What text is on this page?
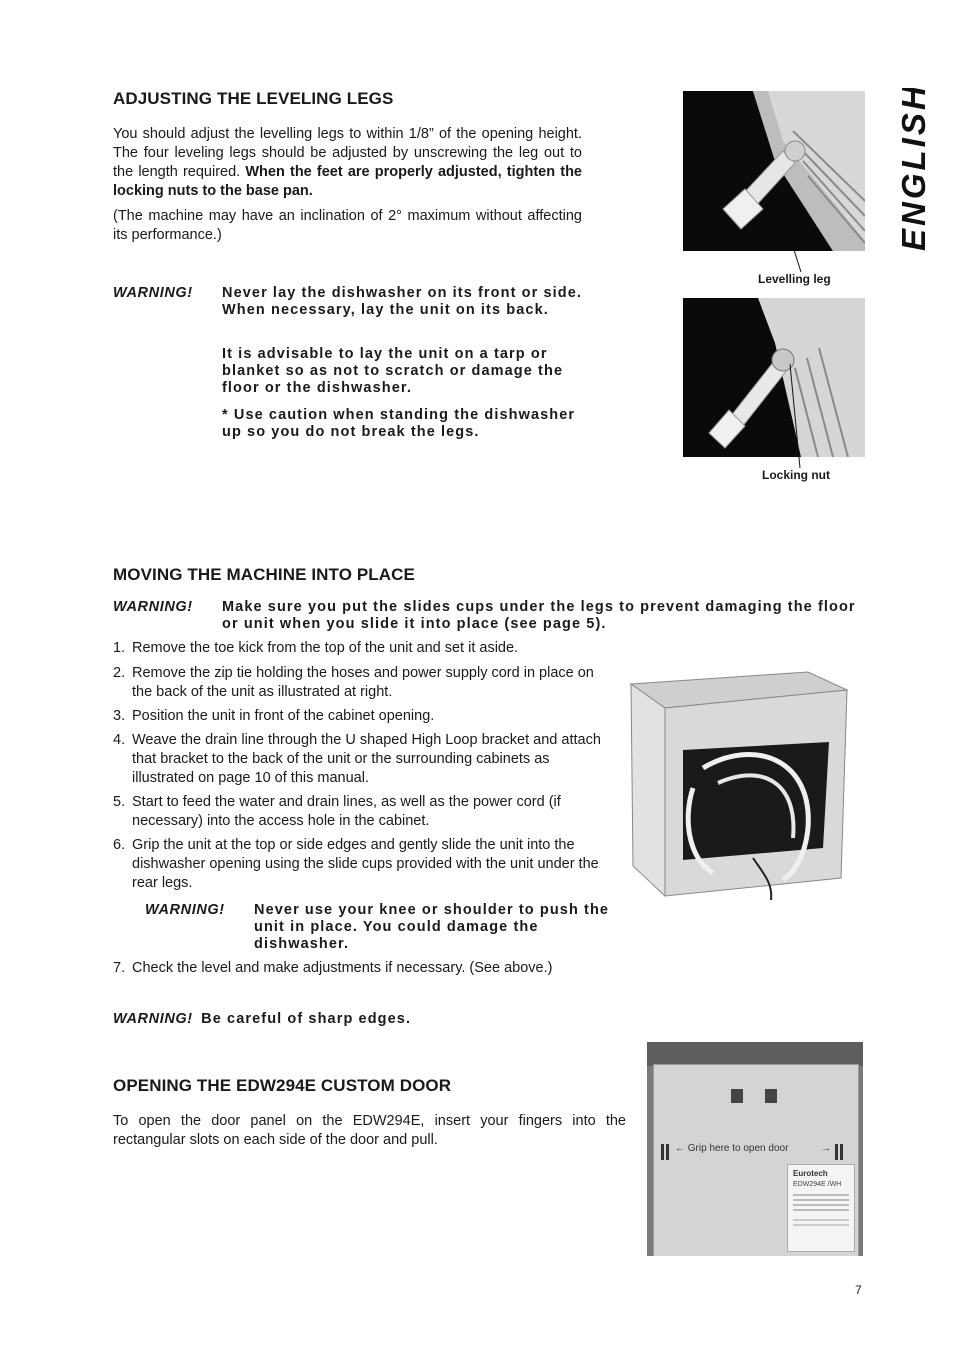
ENGLISH
ADJUSTING THE LEVELING LEGS
You should adjust the levelling legs to within 1/8” of the opening height. The four leveling legs should be adjusted by unscrewing the leg out to the length required. When the feet are properly adjusted, tighten the locking nuts to the base pan.
(The machine may have an inclination of 2° maximum without affecting its performance.)
WARNING! Never lay the dishwasher on its front or side. When necessary, lay the unit on its back.
It is advisable to lay the unit on a tarp or blanket so as not to scratch or damage the floor or the dishwasher.
* Use caution when standing the dishwasher up so you do not break the legs.
Levelling leg
Locking nut
MOVING THE MACHINE INTO PLACE
WARNING! Make sure you put the slides cups under the legs to prevent damaging the floor or unit when you slide it into place (see page 5).
1. Remove the toe kick from the top of the unit and set it aside.
2. Remove the zip tie holding the hoses and power supply cord in place on the back of the unit as illustrated at right.
3. Position the unit in front of the cabinet opening.
4. Weave the drain line through the U shaped High Loop bracket and attach that bracket to the back of the unit or the surrounding cabinets as illustrated on page 10 of this manual.
5. Start to feed the water and drain lines, as well as the power cord (if necessary) into the access hole in the cabinet.
6. Grip the unit at the top or side edges and gently slide the unit into the dishwasher opening using the slide cups provided with the unit under the rear legs.
WARNING! Never use your knee or shoulder to push the unit in place. You could damage the dishwasher.
7. Check the level and make adjustments if necessary. (See above.)
WARNING! Be careful of sharp edges.
OPENING THE EDW294E CUSTOM DOOR
To open the door panel on the EDW294E, insert your fingers into the rectangular slots on each side of the door and pull.
← Grip here to open door	→
Eurotech
EDW294E /WH
7
